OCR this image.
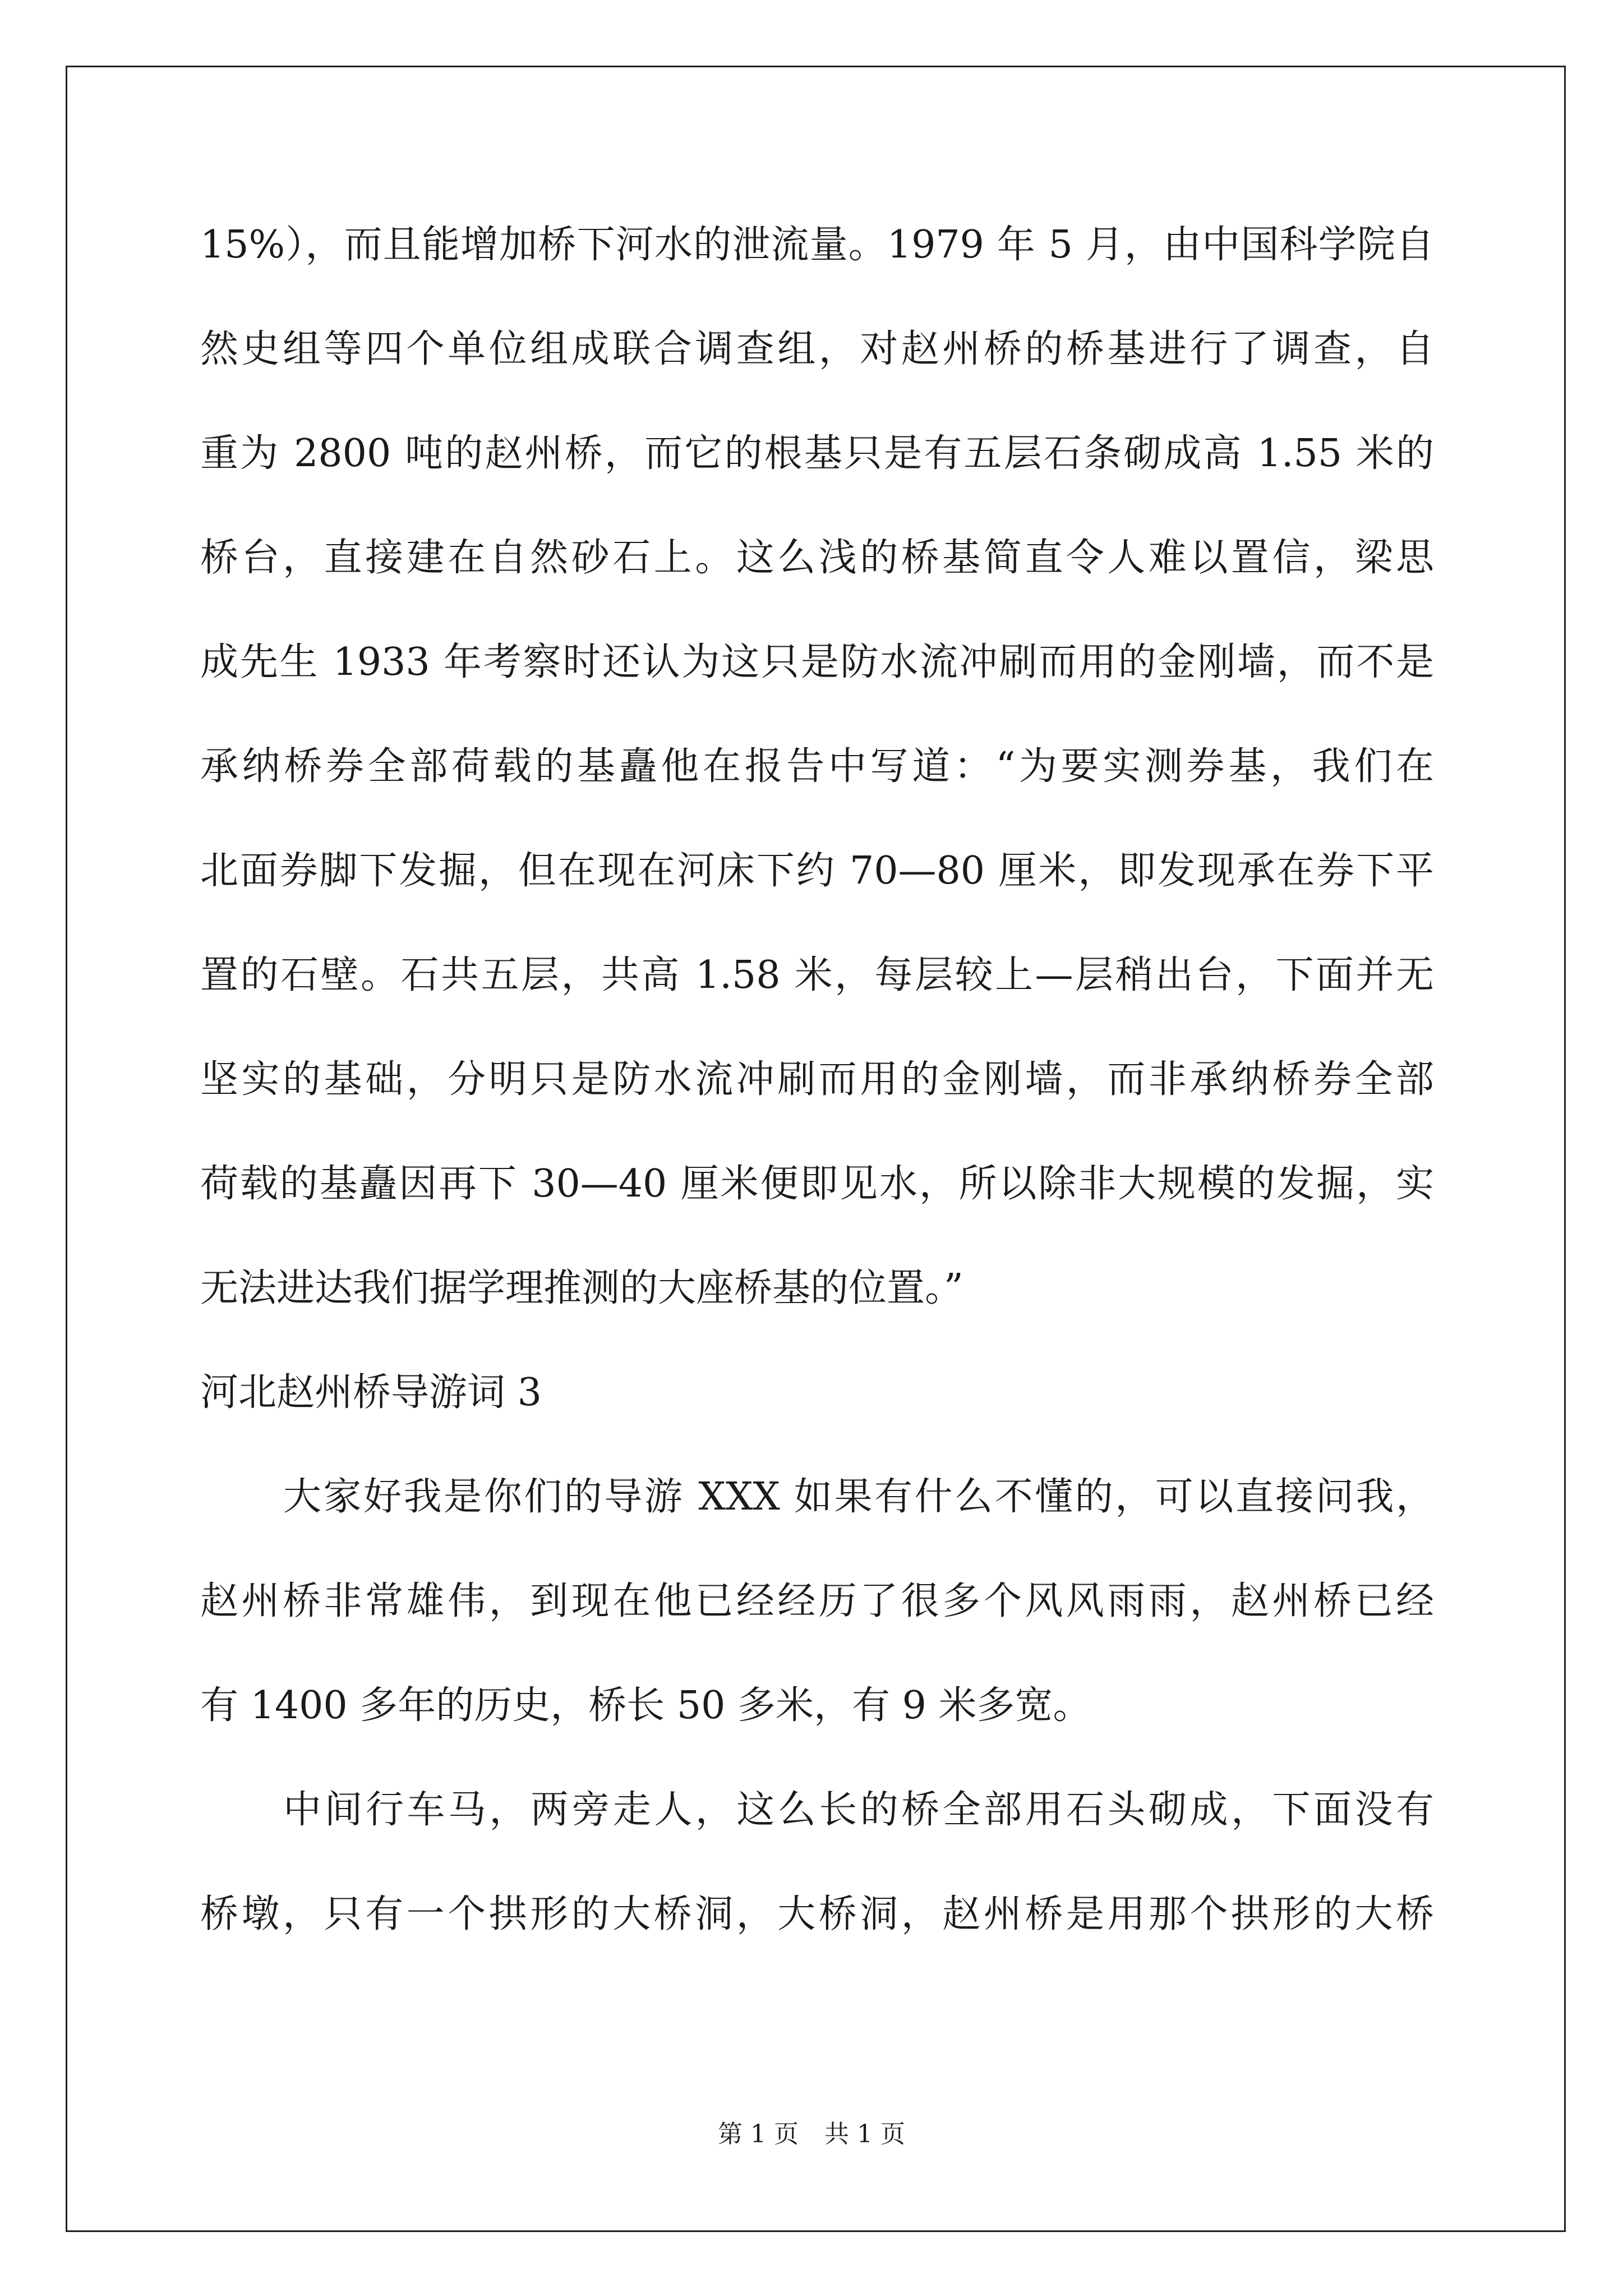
15%），而且能增加桥下河水的泄流量。1979 年 5 月，由中国科学院自
然史组等四个单位组成联合调查组，对赵州桥的桥基进行了调查，自
重为 2800 吨的赵州桥，而它的根基只是有五层石条砌成高 1.55 米的
桥台，直接建在自然砂石上。这么浅的桥基简直令人难以置信，梁思
成先生 1933 年考察时还认为这只是防水流冲刷而用的金刚墙，而不是
承纳桥券全部荷载的基矗他在报告中写道：“为要实测券基，我们在
北面券脚下发掘，但在现在河床下约 70—80 厘米，即发现承在券下平
置的石壁。石共五层，共高 1.58 米，每层较上—层稍出台，下面并无
坚实的基础，分明只是防水流冲刷而用的金刚墙，而非承纳桥券全部
荷载的基矗因再下 30—40 厘米便即见水，所以除非大规模的发掘，实
无法进达我们据学理推测的大座桥基的位置。”
河北赵州桥导游词 3
大家好我是你们的导游 XXX 如果有什么不懂的，可以直接问我，
赵州桥非常雄伟，到现在他已经经历了很多个风风雨雨，赵州桥已经
有 1400 多年的历史，桥长 50 多米，有 9 米多宽。
中间行车马，两旁走人，这么长的桥全部用石头砌成，下面没有
桥墩，只有一个拱形的大桥洞，大桥洞，赵州桥是用那个拱形的大桥
第 1 页 共 1 页
